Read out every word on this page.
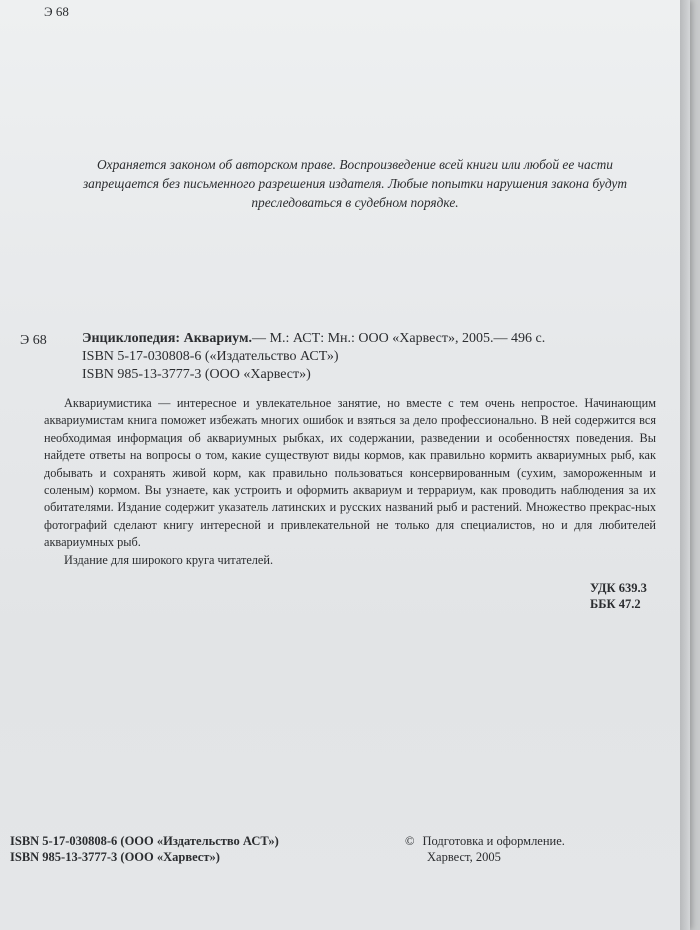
Э 68
Охраняется законом об авторском праве. Воспроизведение всей книги или любой ее части запрещается без письменного разрешения издателя. Любые попытки нарушения закона будут преследоваться в судебном порядке.
Э 68	Энциклопедия: Аквариум.— М.: АСТ: Мн.: ООО «Харвест», 2005.— 496 с.
ISBN 5-17-030808-6 («Издательство АСТ»)
ISBN 985-13-3777-3 (ООО «Харвест»)

Аквариумистика — интересное и увлекательное занятие, но вместе с тем очень непростое. Начинающим аквариумистам книга поможет избежать многих ошибок и взяться за дело профессионально. В ней содержится вся необходимая информация об аквариумных рыбках, их содержании, разведении и особенностях поведения. Вы найдете ответы на вопросы о том, какие существуют виды кормов, как правильно кормить аквариумных рыб, как добывать и сохранять живой корм, как правильно пользоваться консервированным (сухим, замороженным и соленым) кормом. Вы узнаете, как устроить и оформить аквариум и террариум, как проводить наблюдения за их обитателями. Издание содержит указатель латинских и русских названий рыб и растений. Множество прекрас-ных фотографий сделают книгу интересной и привлекательной не только для специалистов, но и для любителей аквариумных рыб.

Издание для широкого круга читателей.

УДК 639.3
ББК 47.2
ISBN 5-17-030808-6 (ООО «Издательство АСТ»)
ISBN 985-13-3777-3 (ООО «Харвест»)
© Подготовка и оформление.
Харвест, 2005
